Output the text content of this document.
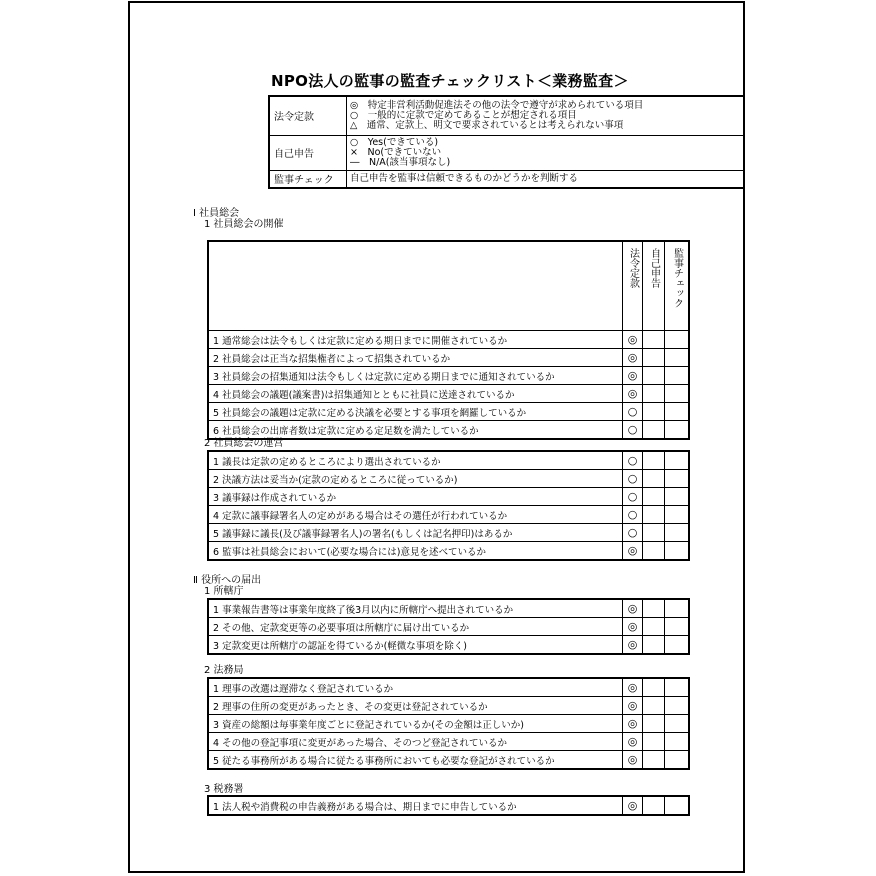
NPO法人の監事の監査チェックリスト＜業務監査＞
法令定款	◎　特定非営利活動促進法その他の法令で遵守が求められている項目
○　一般的に定款で定めてあることが想定される項目
△　通常、定款上、明文で要求されているとは考えられない事項

自己申告	○　Yes(できている)
×　No(できていない
―　N/A(該当事項なし)

監事チェック	自己申告を監事は信頼できるものかどうかを判断する
Ⅰ 社員総会
1 社員総会の開催

	法令定款	自己申告	監事チェック

1 通常総会は法令もしくは定款に定める期日までに開催されているか	◎		
2 社員総会は正当な招集権者によって招集されているか	◎		
3 社員総会の招集通知は法令もしくは定款に定める期日までに通知されているか	◎		
4 社員総会の議題(議案書)は招集通知とともに社員に送達されているか	◎		
5 社員総会の議題は定款に定める決議を必要とする事項を網羅しているか	○		
6 社員総会の出席者数は定款に定める定足数を満たしているか	○		
2 社員総会の運営
1 議長は定款の定めるところにより選出されているか	○		
2 決議方法は妥当か(定款の定めるところに従っているか)	○		
3 議事録は作成されているか	○		
4 定款に議事録署名人の定めがある場合はその選任が行われているか	○		
5 議事録に議長(及び議事録署名人)の署名(もしくは記名押印)はあるか	○		
6 監事は社員総会において(必要な場合には)意見を述べているか	◎		
Ⅱ 役所への届出
1 所轄庁
1 事業報告書等は事業年度終了後3月以内に所轄庁へ提出されているか	◎		
2 その他、定款変更等の必要事項は所轄庁に届け出ているか	◎		
3 定款変更は所轄庁の認証を得ているか(軽微な事項を除く)	◎		
2 法務局
1 理事の改選は遅滞なく登記されているか	◎		
2 理事の住所の変更があったとき、その変更は登記されているか	◎		
3 資産の総額は毎事業年度ごとに登記されているか(その金額は正しいか)	◎		
4 その他の登記事項に変更があった場合、そのつど登記されているか	◎		
5 従たる事務所がある場合に従たる事務所においても必要な登記がされているか	◎		
3 税務署
1 法人税や消費税の申告義務がある場合は、期日までに申告しているか	◎		
